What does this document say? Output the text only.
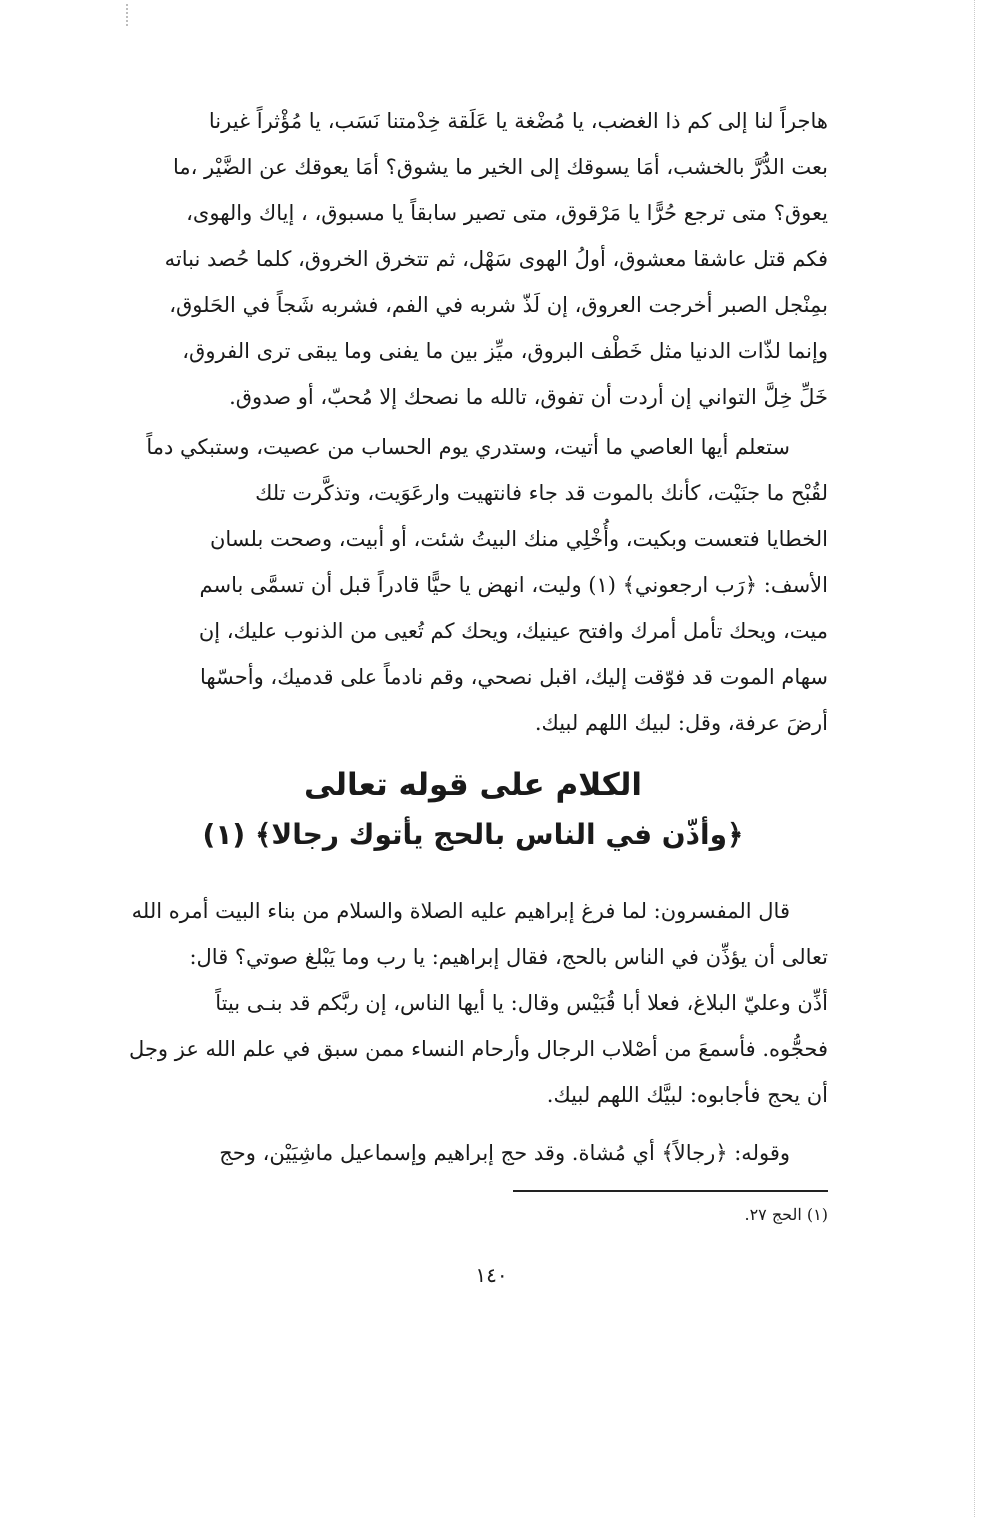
هاجراً لنا إلى كم ذا الغضب، يا مُضْغة يا عَلَقة خِدْمتنا نَسَب، يا مُؤْثراً غيرنا
بعت الدُّرَّ بالخشب، أمَا يسوقك إلى الخير ما يشوق؟ أمَا يعوقك عن الضَّيْر ،ما
يعوق؟ متى ترجع حُرًّا يا مَرْقوق، متى تصير سابقاً يا مسبوق، ، إياك والهوى،
فكم قتل عاشقا معشوق، أولُ الهوى سَهْل، ثم تتخرق الخروق، كلما حُصد نباته
بمِنْجل الصبر أخرجت العروق، إن لَذّ شربه في الفم، فشربه شَجاً في الحَلوق،
وإنما لذّات الدنيا مثل خَطْف البروق، ميِّز بين ما يفنى وما يبقى ترى الفروق،
خَلِّ خِلَّ التواني إن أردت أن تفوق، تالله ما نصحك إلا مُحبّ، أو صدوق.
ستعلم أيها العاصي ما أتيت، وستدري يوم الحساب من عصيت، وستبكي دماً
لقُبْح ما جنَيْت، كأنك بالموت قد جاء فانتهيت وارعَوَيت، وتذكَّرت تلك
الخطايا فتعست وبكيت، وأُخْلِي منك البيتُ شئت، أو أبيت، وصحت بلسان
الأسف: ﴿رَب ارجعوني﴾ (١) وليت، انهض يا حيًّا قادراً قبل أن تسمَّى باسم
ميت، ويحك تأمل أمرك وافتح عينيك، ويحك كم تُعيى من الذنوب عليك، إن
سهام الموت قد فوّقت إليك، اقبل نصحي، وقم نادماً على قدميك، وأحسّها
أرضَ عرفة، وقل: لبيك اللهم لبيك.
الكلام على قوله تعالى
﴿وأذّن في الناس بالحج يأتوك رجالا﴾ (١)
قال المفسرون: لما فرغ إبراهيم عليه الصلاة والسلام من بناء البيت أمره الله
تعالى أن يؤذِّن في الناس بالحج، فقال إبراهيم: يا رب وما يَبْلغ صوتي؟ قال:
أذِّن وعليّ البلاغ، فعلا أبا قُبَيْس وقال: يا أيها الناس، إن ربَّكم قد بنـى بيتاً
فحجُّوه. فأسمعَ من أصْلاب الرجال وأرحام النساء ممن سبق في علم الله عز وجل
أن يحج فأجابوه: لبيَّك اللهم لبيك.
وقوله: ﴿رجالاً﴾ أي مُشاة. وقد حج إبراهيم وإسماعيل ماشِيَيْن، وحج
(١) الحج ٢٧.
١٤٠
